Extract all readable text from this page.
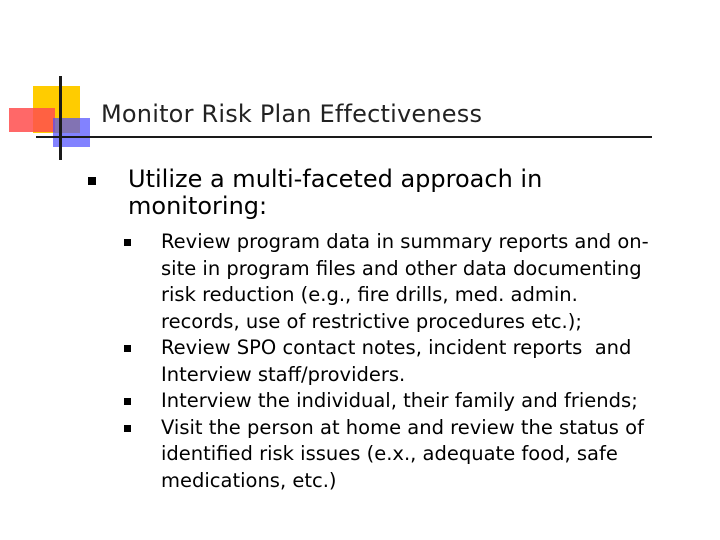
Monitor Risk Plan Effectiveness
Utilize a multi-faceted approach in
monitoring:
Review program data in summary reports and on-
site in program files and other data documenting
risk reduction (e.g., fire drills, med. admin.
records, use of restrictive procedures etc.);
Review SPO contact notes, incident reports  and
Interview staff/providers.
Interview the individual, their family and friends;
Visit the person at home and review the status of
identified risk issues (e.x., adequate food, safe
medications, etc.)
